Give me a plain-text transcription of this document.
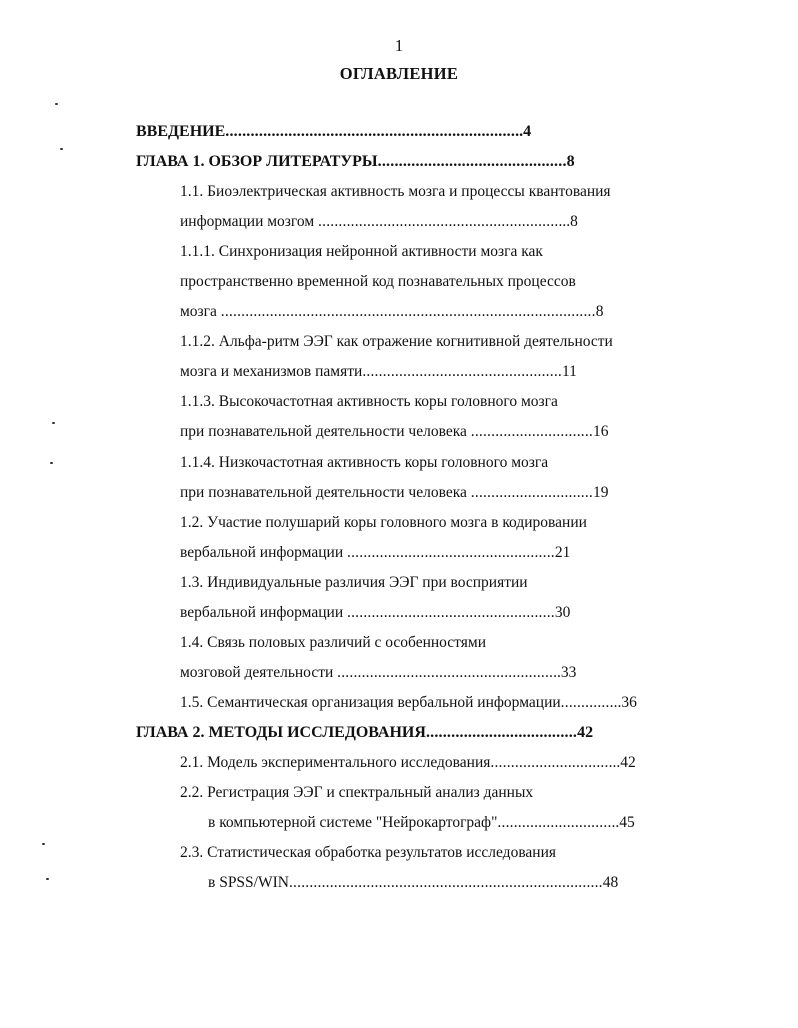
1
ОГЛАВЛЕНИЕ
ВВЕДЕНИЕ.......................................................................4
ГЛАВА 1. ОБЗОР ЛИТЕРАТУРЫ.............................................8
1.1. Биоэлектрическая активность мозга и процессы квантования
информации мозгом ..............................................................8
1.1.1. Синхронизация нейронной активности мозга как
пространственно временной код познавательных процессов
мозга ............................................................................................8
1.1.2. Альфа-ритм ЭЭГ как отражение когнитивной деятельности
мозга и механизмов памяти.................................................11
1.1.3. Высокочастотная активность коры головного мозга
при познавательной деятельности человека ..............................16
1.1.4. Низкочастотная активность коры головного мозга
при познавательной деятельности человека ..............................19
1.2. Участие полушарий коры головного мозга в кодировании
вербальной информации ...................................................21
1.3. Индивидуальные различия ЭЭГ при восприятии
вербальной информации ...................................................30
1.4. Связь половых различий с особенностями
мозговой деятельности .......................................................33
1.5. Семантическая организация вербальной информации...............36
ГЛАВА 2. МЕТОДЫ ИССЛЕДОВАНИЯ....................................42
2.1. Модель экспериментального исследования................................42
2.2. Регистрация ЭЭГ и спектральный анализ данных
в компьютерной системе "Нейрокартограф"..............................45
2.3. Статистическая обработка результатов исследования
в SPSS/WIN.............................................................................48
